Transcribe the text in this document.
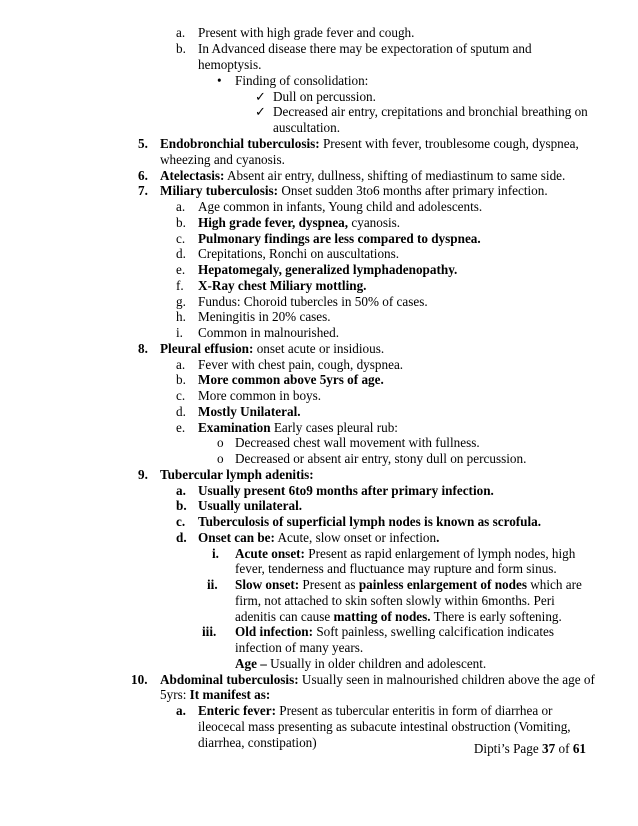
a. Present with high grade fever and cough.
b. In Advanced disease there may be expectoration of sputum and
hemoptysis.
• Finding of consolidation:
✓ Dull on percussion.
✓ Decreased air entry, crepitations and bronchial breathing on
auscultation.
5. Endobronchial tuberculosis: Present with fever, troublesome cough, dyspnea,
wheezing and cyanosis.
6. Atelectasis: Absent air entry, dullness, shifting of mediastinum to same side.
7. Miliary tuberculosis: Onset sudden 3to6 months after primary infection.
a. Age common in infants, Young child and adolescents.
b. High grade fever, dyspnea, cyanosis.
c. Pulmonary findings are less compared to dyspnea.
d. Crepitations, Ronchi on auscultations.
e. Hepatomegaly, generalized lymphadenopathy.
f. X-Ray chest Miliary mottling.
g. Fundus: Choroid tubercles in 50% of cases.
h. Meningitis in 20% cases.
i. Common in malnourished.
8. Pleural effusion: onset acute or insidious.
a. Fever with chest pain, cough, dyspnea.
b. More common above 5yrs of age.
c. More common in boys.
d. Mostly Unilateral.
e. Examination Early cases pleural rub:
o Decreased chest wall movement with fullness.
o Decreased or absent air entry, stony dull on percussion.
9. Tubercular lymph adenitis:
a. Usually present 6to9 months after primary infection.
b. Usually unilateral.
c. Tuberculosis of superficial lymph nodes is known as scrofula.
d. Onset can be: Acute, slow onset or infection.
i. Acute onset: Present as rapid enlargement of lymph nodes, high
fever, tenderness and fluctuance may rupture and form sinus.
ii. Slow onset: Present as painless enlargement of nodes which are
firm, not attached to skin soften slowly within 6months. Peri
adenitis can cause matting of nodes. There is early softening.
iii. Old infection: Soft painless, swelling calcification indicates
infection of many years.
Age – Usually in older children and adolescent.
10. Abdominal tuberculosis: Usually seen in malnourished children above the age of
5yrs: It manifest as:
a. Enteric fever: Present as tubercular enteritis in form of diarrhea or
ileocecal mass presenting as subacute intestinal obstruction (Vomiting,
diarrhea, constipation)	Dipti’s Page 37 of 61
